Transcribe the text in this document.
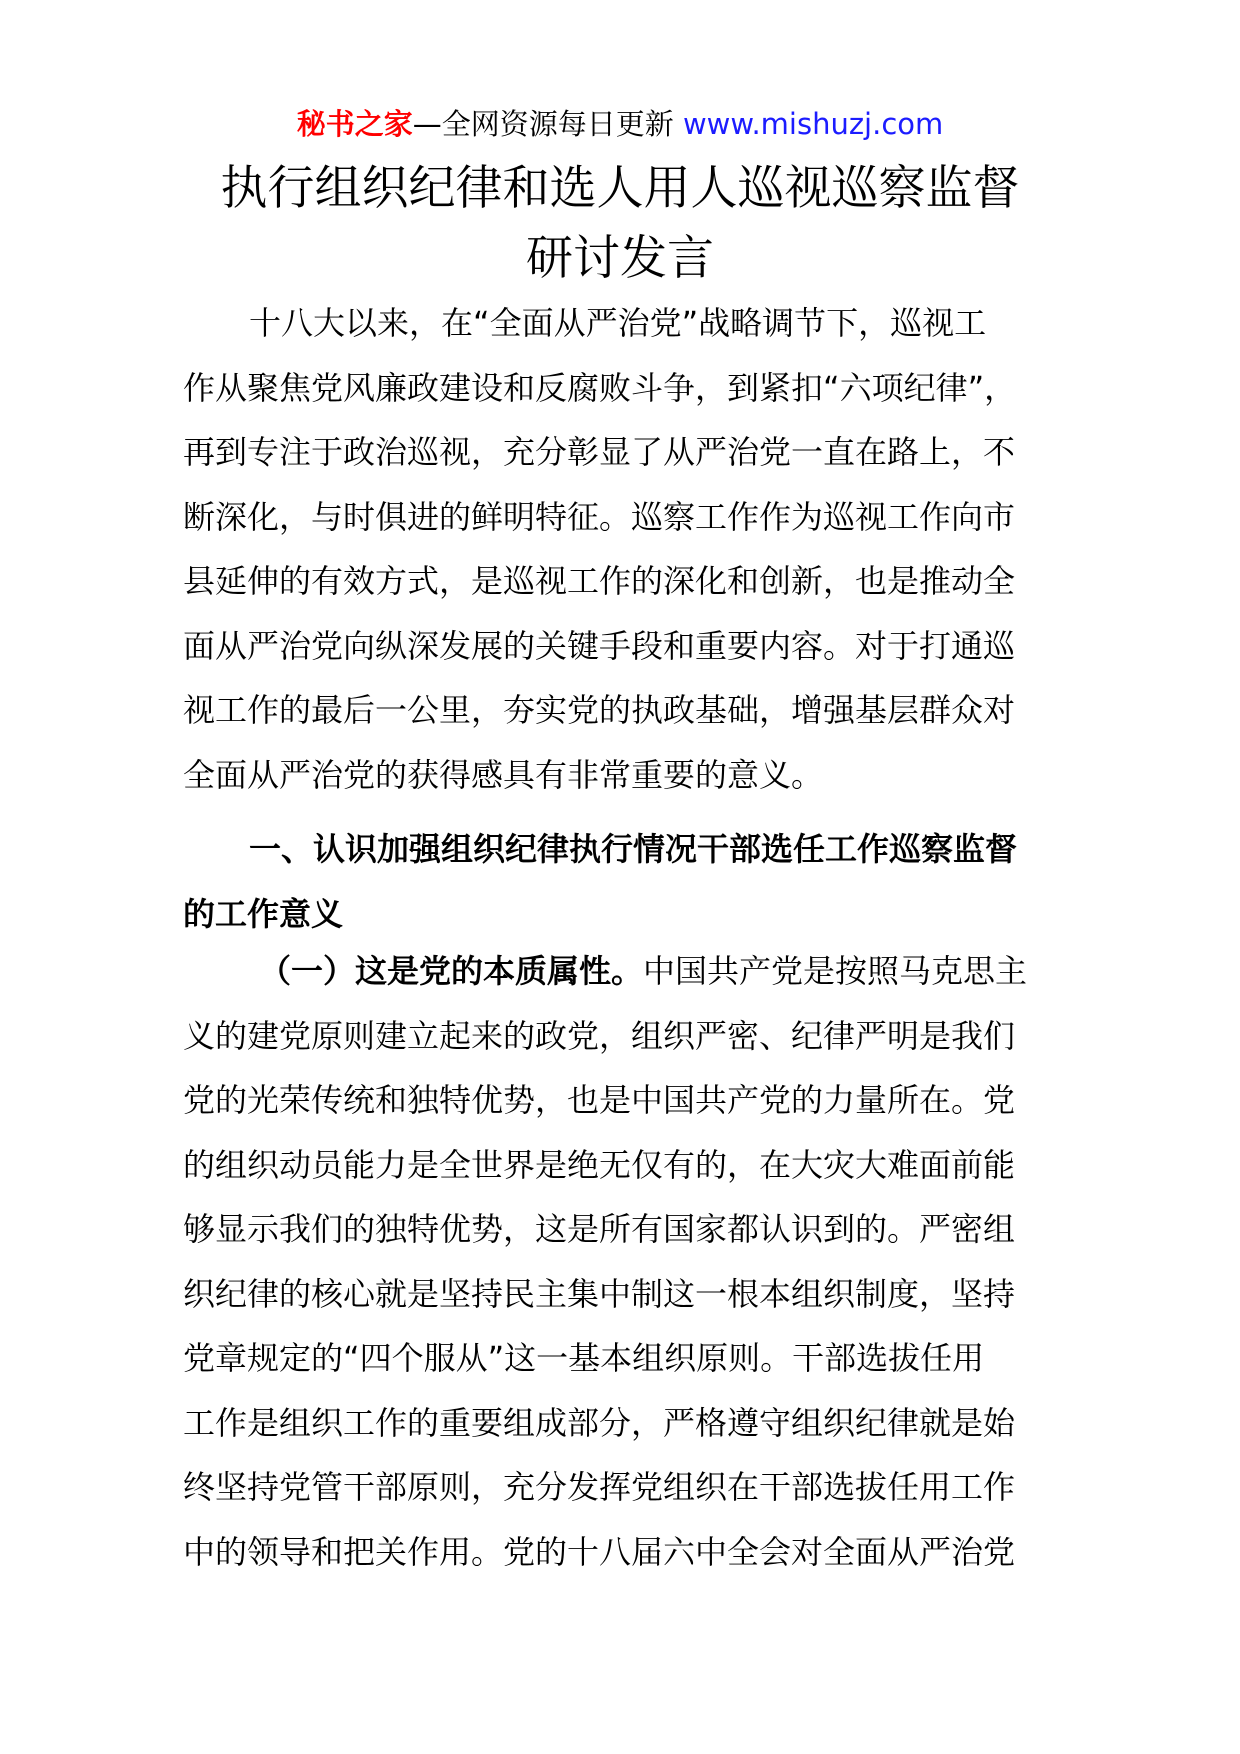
秘书之家—全网资源每日更新 www.mishuzj.com
执行组织纪律和选人用人巡视巡察监督
研讨发言
十八大以来，在“全面从严治党”战略调节下，巡视工
作从聚焦党风廉政建设和反腐败斗争，到紧扣“六项纪律”，
再到专注于政治巡视，充分彰显了从严治党一直在路上，不
断深化，与时俱进的鲜明特征。巡察工作作为巡视工作向市
县延伸的有效方式，是巡视工作的深化和创新，也是推动全
面从严治党向纵深发展的关键手段和重要内容。对于打通巡
视工作的最后一公里，夯实党的执政基础，增强基层群众对
全面从严治党的获得感具有非常重要的意义。
一、认识加强组织纪律执行情况干部选任工作巡察监督
的工作意义
（一）这是党的本质属性。中国共产党是按照马克思主
义的建党原则建立起来的政党，组织严密、纪律严明是我们
党的光荣传统和独特优势，也是中国共产党的力量所在。党
的组织动员能力是全世界是绝无仅有的，在大灾大难面前能
够显示我们的独特优势，这是所有国家都认识到的。严密组
织纪律的核心就是坚持民主集中制这一根本组织制度，坚持
党章规定的“四个服从”这一基本组织原则。干部选拔任用
工作是组织工作的重要组成部分，严格遵守组织纪律就是始
终坚持党管干部原则，充分发挥党组织在干部选拔任用工作
中的领导和把关作用。党的十八届六中全会对全面从严治党
